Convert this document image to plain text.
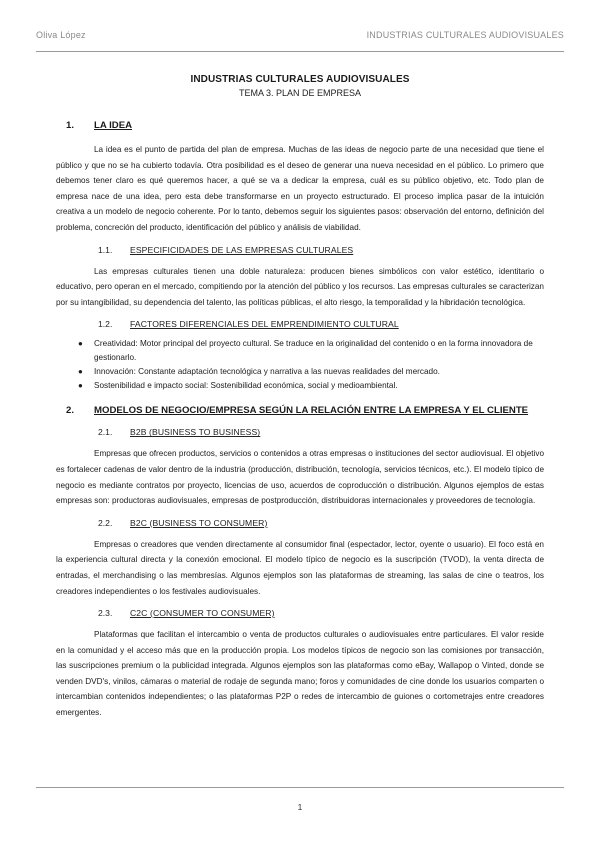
Oliva López	INDUSTRIAS CULTURALES AUDIOVISUALES
INDUSTRIAS CULTURALES AUDIOVISUALES
TEMA 3. PLAN DE EMPRESA
1.	LA IDEA

La idea es el punto de partida del plan de empresa. Muchas de las ideas de negocio parte de una necesidad que tiene el público y que no se ha cubierto todavía. Otra posibilidad es el deseo de generar una nueva necesidad en el público. Lo primero que debemos tener claro es qué queremos hacer, a qué se va a dedicar la empresa, cuál es su público objetivo, etc. Todo plan de empresa nace de una idea, pero esta debe transformarse en un proyecto estructurado. El proceso implica pasar de la intuición creativa a un modelo de negocio coherente. Por lo tanto, debemos seguir los siguientes pasos: observación del entorno, definición del problema, concreción del producto, identificación del público y análisis de viabilidad.

1.1.	ESPECIFICIDADES DE LAS EMPRESAS CULTURALES

Las empresas culturales tienen una doble naturaleza: producen bienes simbólicos con valor estético, identitario o educativo, pero operan en el mercado, compitiendo por la atención del público y los recursos. Las empresas culturales se caracterizan por su intangibilidad, su dependencia del talento, las políticas públicas, el alto riesgo, la temporalidad y la hibridación tecnológica.

1.2.	FACTORES DIFERENCIALES DEL EMPRENDIMIENTO CULTURAL
● Creatividad: Motor principal del proyecto cultural. Se traduce en la originalidad del contenido o en la forma innovadora de gestionarlo.
● Innovación: Constante adaptación tecnológica y narrativa a las nuevas realidades del mercado.
● Sostenibilidad e impacto social: Sostenibilidad económica, social y medioambiental.
2.	MODELOS DE NEGOCIO/EMPRESA SEGÚN LA RELACIÓN ENTRE LA EMPRESA Y EL CLIENTE
2.1.	B2B (BUSINESS TO BUSINESS)

Empresas que ofrecen productos, servicios o contenidos a otras empresas o instituciones del sector audiovisual. El objetivo es fortalecer cadenas de valor dentro de la industria (producción, distribución, tecnología, servicios técnicos, etc.). El modelo típico de negocio es mediante contratos por proyecto, licencias de uso, acuerdos de coproducción o distribución. Algunos ejemplos de estas empresas son: productoras audiovisuales, empresas de postproducción, distribuidoras internacionales y proveedores de tecnología.

2.2.	B2C (BUSINESS TO CONSUMER)

Empresas o creadores que venden directamente al consumidor final (espectador, lector, oyente o usuario). El foco está en la experiencia cultural directa y la conexión emocional. El modelo típico de negocio es la suscripción (TVOD), la venta directa de entradas, el merchandising o las membresías. Algunos ejemplos son las plataformas de streaming, las salas de cine o teatros, los creadores independientes o los festivales audiovisuales.

2.3.	C2C (CONSUMER TO CONSUMER)

Plataformas que facilitan el intercambio o venta de productos culturales o audiovisuales entre particulares. El valor reside en la comunidad y el acceso más que en la producción propia. Los modelos típicos de negocio son las comisiones por transacción, las suscripciones premium o la publicidad integrada. Algunos ejemplos son las plataformas como eBay, Wallapop o Vinted, donde se venden DVD's, vinilos, cámaras o material de rodaje de segunda mano; foros y comunidades de cine donde los usuarios comparten o intercambian contenidos independientes; o las plataformas P2P o redes de intercambio de guiones o cortometrajes entre creadores emergentes.

1
